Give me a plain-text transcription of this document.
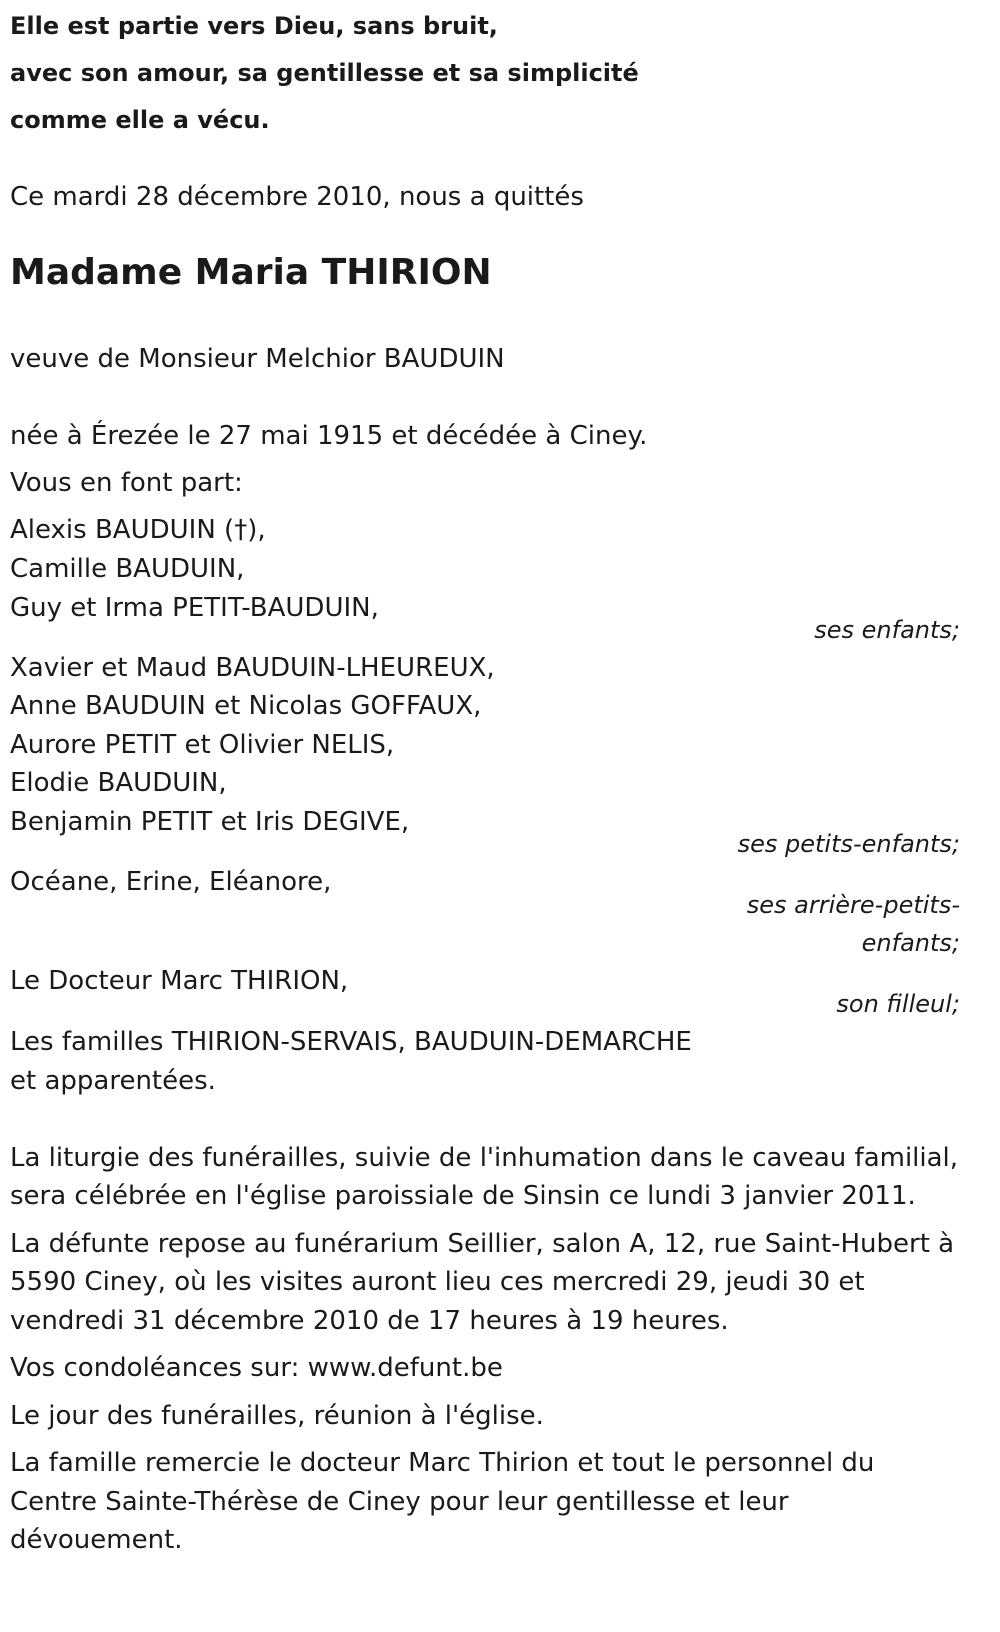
Elle est partie vers Dieu, sans bruit,
avec son amour, sa gentillesse et sa simplicité
comme elle a vécu.
Ce mardi 28 décembre 2010, nous a quittés
Madame Maria THIRION
veuve de Monsieur Melchior BAUDUIN
née à Érezée le 27 mai 1915 et décédée à Ciney.
Vous en font part:
Alexis BAUDUIN (†),
Camille BAUDUIN,
Guy et Irma PETIT-BAUDUIN,
ses enfants;
Xavier et Maud BAUDUIN-LHEUREUX,
Anne BAUDUIN et Nicolas GOFFAUX,
Aurore PETIT et Olivier NELIS,
Elodie BAUDUIN,
Benjamin PETIT et Iris DEGIVE,
ses petits-enfants;
Océane, Erine, Eléanore,
ses arrière-petits-
enfants;
Le Docteur Marc THIRION,
son filleul;
Les familles THIRION-SERVAIS, BAUDUIN-DEMARCHE
et apparentées.
La liturgie des funérailles, suivie de l'inhumation dans le caveau familial,
sera célébrée en l'église paroissiale de Sinsin ce lundi 3 janvier 2011.
La défunte repose au funérarium Seillier, salon A, 12, rue Saint-Hubert à
5590 Ciney, où les visites auront lieu ces mercredi 29, jeudi 30 et
vendredi 31 décembre 2010 de 17 heures à 19 heures.
Vos condoléances sur: www.defunt.be
Le jour des funérailles, réunion à l'église.
La famille remercie le docteur Marc Thirion et tout le personnel du
Centre Sainte-Thérèse de Ciney pour leur gentillesse et leur
dévouement.
